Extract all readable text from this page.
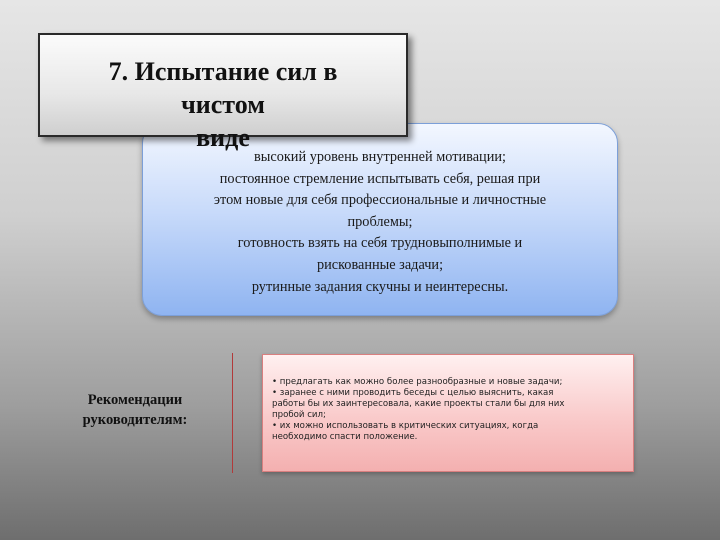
7. Испытание сил в чистом

виде

высокий уровень внутренней мотивации;

постоянное стремление испытывать себя, решая при

этом новые для себя профессиональные и личностные

проблемы;

готовность взять на себя трудновыполнимые и

рискованные задачи;

рутинные задания скучны и неинтересны.

Рекомендации
руководителям:

• предлагать как можно более разнообразные и новые задачи;

• заранее с ними проводить беседы с целью выяснить, какая

работы бы их заинтересовала, какие проекты стали бы для них

пробой сил;

• их можно использовать в критических ситуациях, когда

необходимо спасти положение.
